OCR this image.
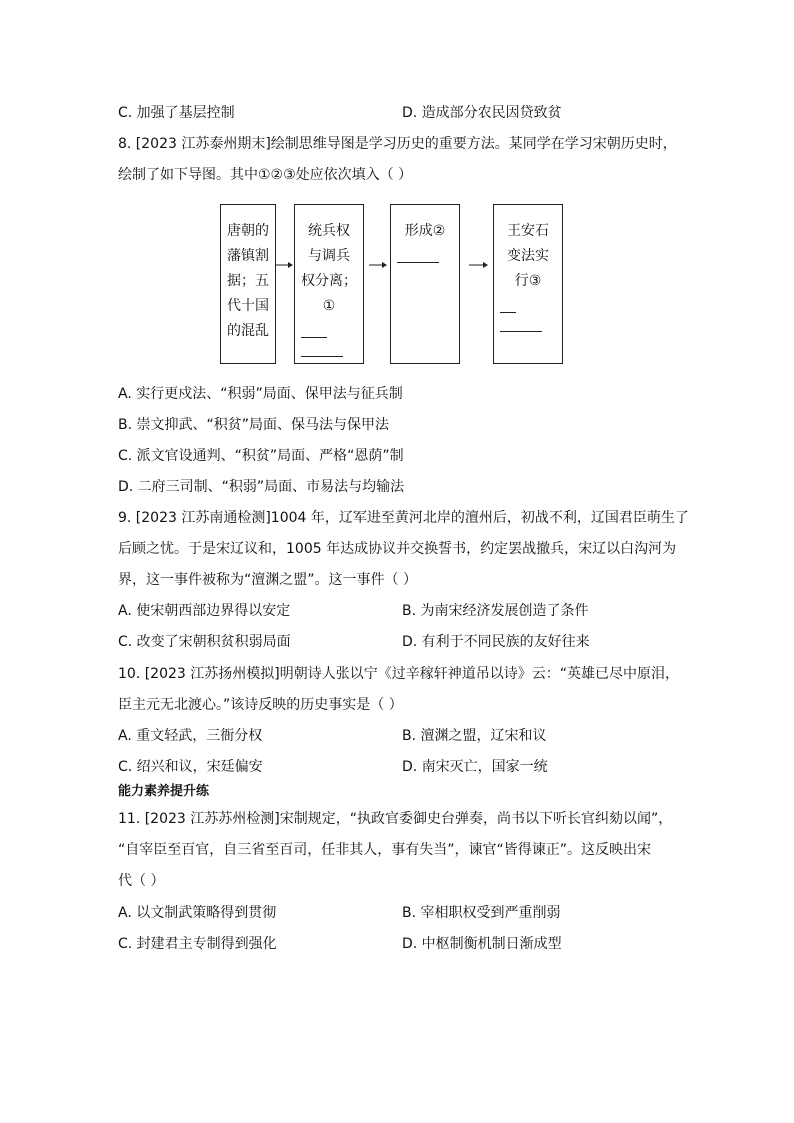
C. 加强了基层控制	D. 造成部分农民因贷致贫
8. [2023 江苏泰州期末]绘制思维导图是学习历史的重要方法。某同学在学习宋朝历史时，
绘制了如下导图。其中①②③处应依次填入（ ）
唐朝的
藩镇割
据；五
代十国
的混乱
统兵权
与调兵
权分离；
①
形成②	王安石
变法实
行③
A. 实行更戍法、“积弱”局面、保甲法与征兵制
B. 崇文抑武、“积贫”局面、保马法与保甲法
C. 派文官设通判、“积贫”局面、严格“恩荫”制
D. 二府三司制、“积弱”局面、市易法与均输法
9. [2023 江苏南通检测]1004 年，辽军进至黄河北岸的澶州后，初战不利，辽国君臣萌生了
后顾之忧。于是宋辽议和，1005 年达成协议并交换誓书，约定罢战撤兵，宋辽以白沟河为
界，这一事件被称为“澶渊之盟”。这一事件（ ）
A. 使宋朝西部边界得以安定	B. 为南宋经济发展创造了条件
C. 改变了宋朝积贫积弱局面	D. 有利于不同民族的友好往来
10. [2023 江苏扬州模拟]明朝诗人张以宁《过辛稼轩神道吊以诗》云：“英雄已尽中原泪，
臣主元无北渡心。”该诗反映的历史事实是（ ）
A. 重文轻武，三衙分权	B. 澶渊之盟，辽宋和议
C. 绍兴和议，宋廷偏安	D. 南宋灭亡，国家一统
能力素养提升练
11. [2023 江苏苏州检测]宋制规定，“执政官委御史台弹奏，尚书以下听长官纠劾以闻”，
“自宰臣至百官，自三省至百司，任非其人，事有失当”，谏官“皆得谏正”。这反映出宋
代（ ）
A. 以文制武策略得到贯彻	B. 宰相职权受到严重削弱
C. 封建君主专制得到强化	D. 中枢制衡机制日渐成型
